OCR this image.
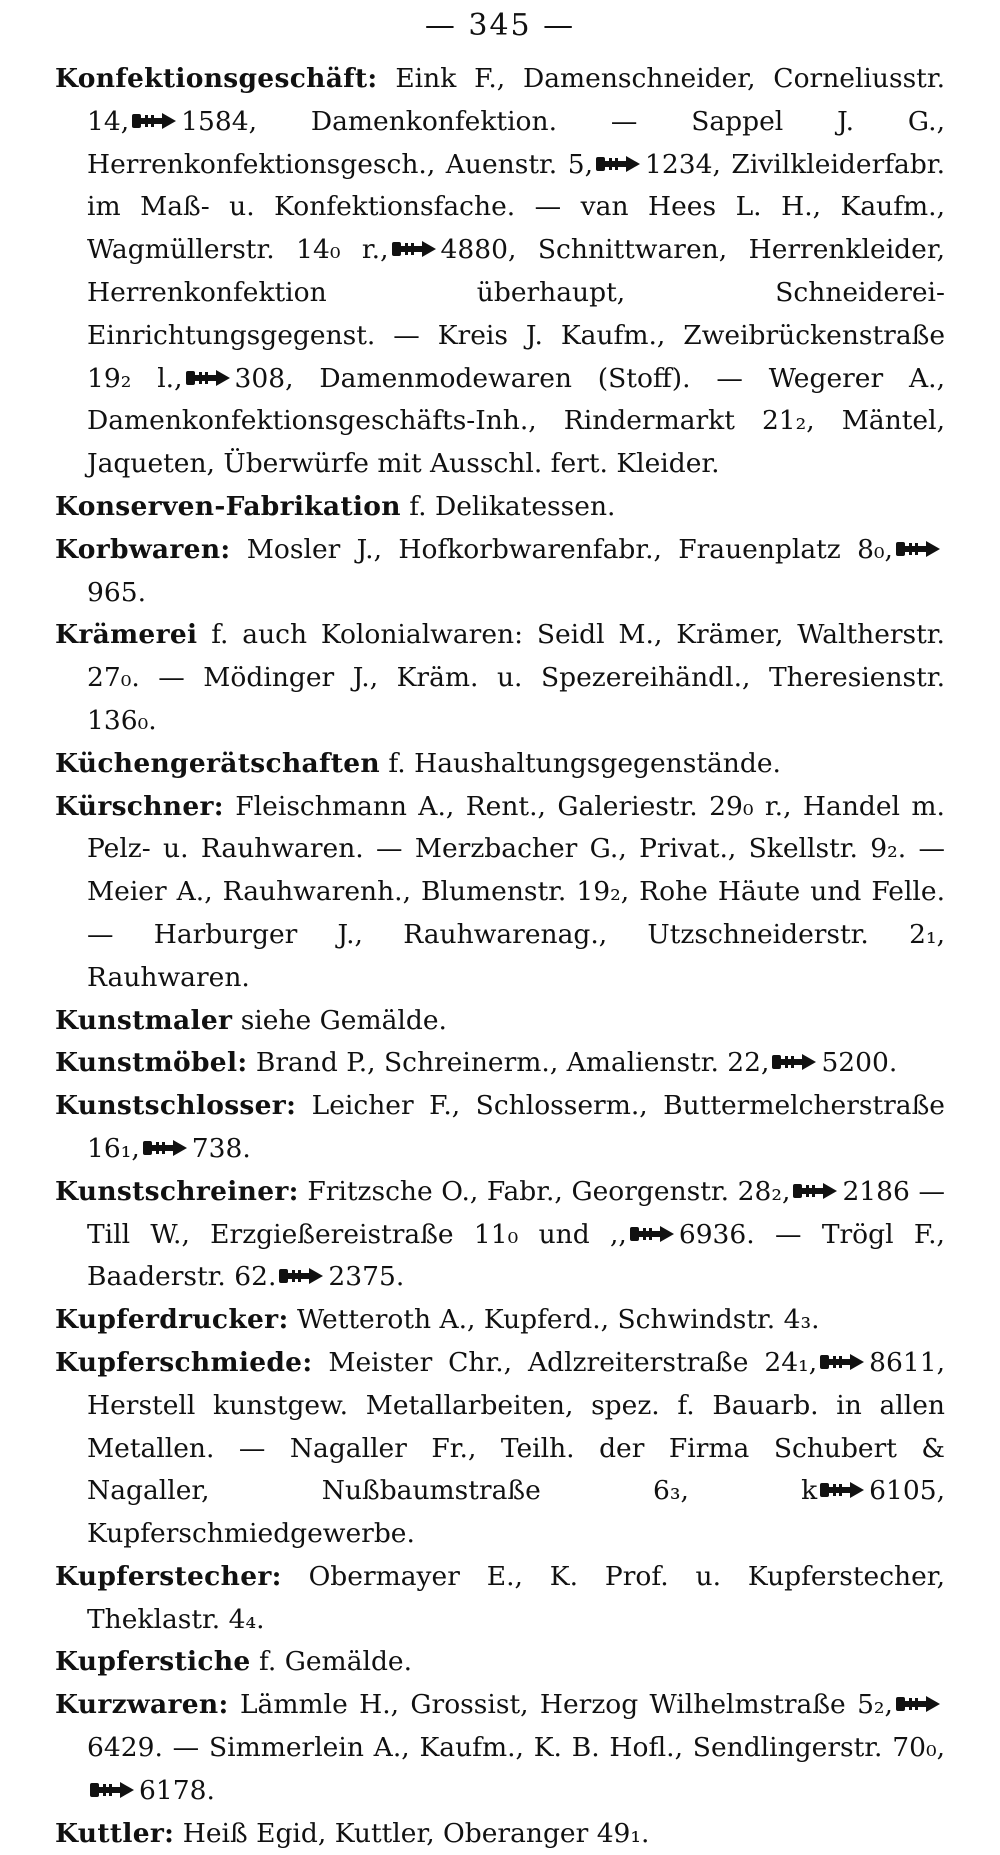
— 345 —
Konfektionsgeschäft: Eink F., Damenschneider, Corneliusstr. 14, 1584, Damenkonfektion. — Sappel J. G., Herrenkonfektionsgesch., Auenstr. 5, 1234, Zivilkleiderfabr. im Maß- u. Konfektionsfache. — van Hees L. H., Kaufm., Wagmüllerstr. 14₀ r., 4880, Schnittwaren, Herrenkleider, Herrenkonfektion überhaupt, Schneiderei-Einrichtungsgegenst. — Kreis J. Kaufm., Zweibrückenstraße 19₂ l., 308, Damenmodewaren (Stoff). — Wegerer A., Damenkonfektionsgeschäfts-Inh., Rindermarkt 21₂, Mäntel, Jaqueten, Überwürfe mit Ausschl. fert. Kleider.
Konserven-Fabrikation f. Delikatessen.
Korbwaren: Mosler J., Hofkorbwarenfabr., Frauenplatz 8₀,
965.
Krämerei f. auch Kolonialwaren: Seidl M., Krämer, Waltherstr. 27₀. — Mödinger J., Kräm. u. Spezereihändl., Theresienstr. 136₀.
Küchengerätschaften f. Haushaltungsgegenstände.
Kürschner: Fleischmann A., Rent., Galeriestr. 29₀ r., Handel m. Pelz- u. Rauhwaren. — Merzbacher G., Privat., Skellstr. 9₂. — Meier A., Rauhwarenh., Blumenstr. 19₂, Rohe Häute und Felle. — Harburger J., Rauhwarenag., Utzschneiderstr. 2₁, Rauhwaren.
Kunstmaler siehe Gemälde.
Kunstmöbel: Brand P., Schreinerm., Amalienstr. 22, 5200.
Kunstschlosser: Leicher F., Schlosserm., Buttermelcherstraße 16₁, 738.
Kunstschreiner: Fritzsche O., Fabr., Georgenstr. 28₂, 2186 — Till W., Erzgießereistraße 11₀ und ,, 6936. — Trögl F., Baaderstr. 62. 2375.
Kupferdrucker: Wetteroth A., Kupferd., Schwindstr. 4₃.
Kupferschmiede: Meister Chr., Adlzreiterstraße 24₁, 8611, Herstell kunstgew. Metallarbeiten, spez. f. Bauarb. in allen Metallen. — Nagaller Fr., Teilh. der Firma Schubert & Nagaller, Nußbaumstraße 6₃, k 6105, Kupferschmiedgewerbe.
Kupferstecher: Obermayer E., K. Prof. u. Kupferstecher, Theklastr. 4₄.
Kupferstiche f. Gemälde.
Kurzwaren: Lämmle H., Grossist, Herzog Wilhelmstraße 5₂,
6429. — Simmerlein A., Kaufm., K. B. Hofl., Sendlingerstr. 70₀,
6178.
Kuttler: Heiß Egid, Kuttler, Oberanger 49₁.
